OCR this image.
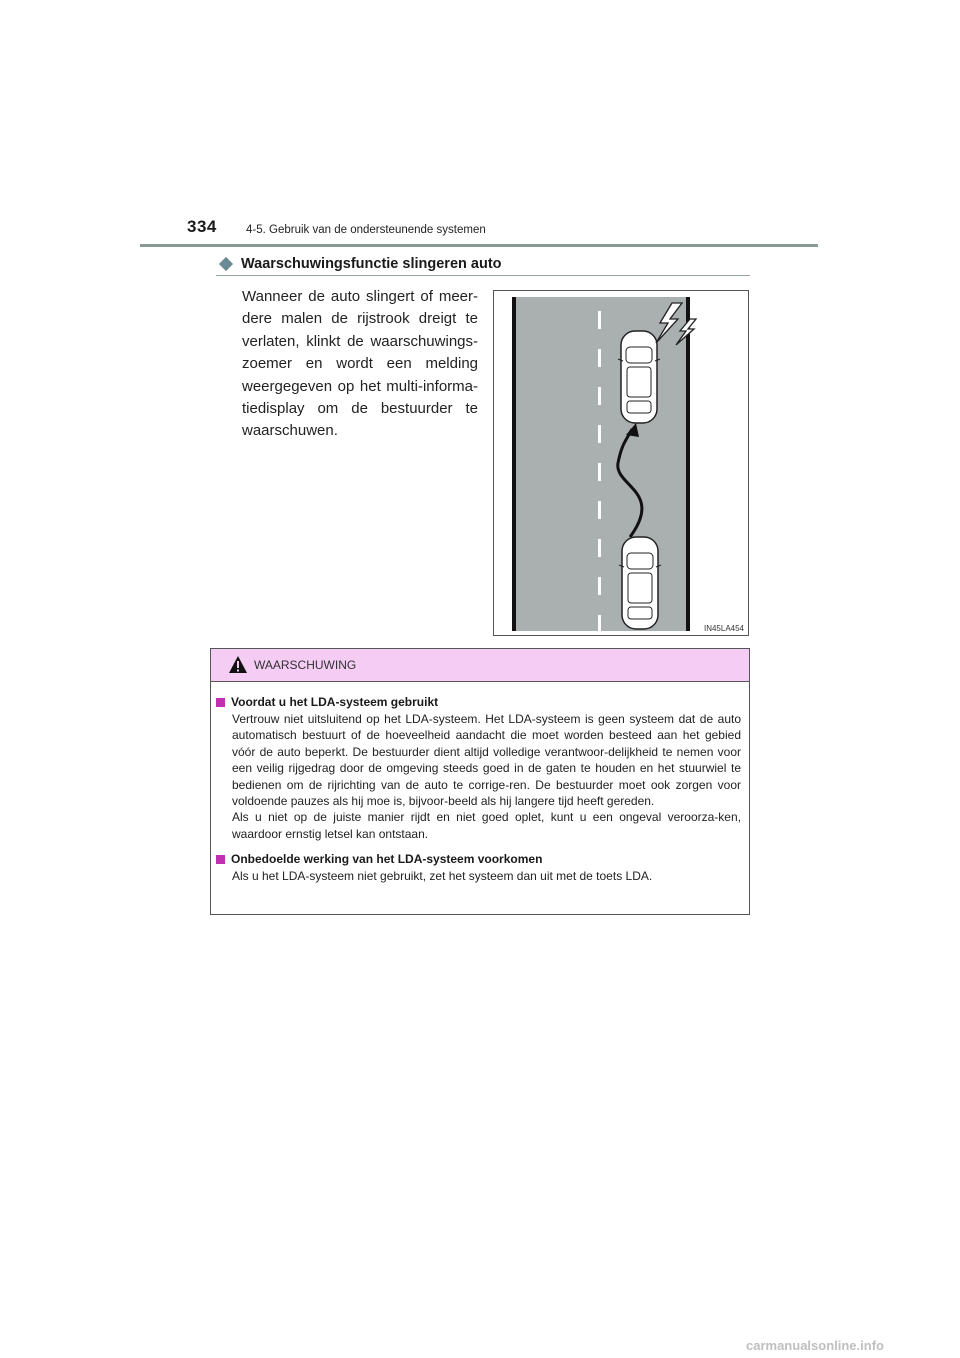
334	4-5. Gebruik van de ondersteunende systemen
Waarschuwingsfunctie slingeren auto
Wanneer de auto slingert of meer-dere malen de rijstrook dreigt te verlaten, klinkt de waarschuwings-zoemer en wordt een melding weergegeven op het multi-informa-tiedisplay om de bestuurder te waarschuwen.
IN45LA454
WAARSCHUWING
Voordat u het LDA-systeem gebruikt
Vertrouw niet uitsluitend op het LDA-systeem. Het LDA-systeem is geen systeem dat de auto automatisch bestuurt of de hoeveelheid aandacht die moet worden besteed aan het gebied vóór de auto beperkt. De bestuurder dient altijd volledige verantwoor-delijkheid te nemen voor een veilig rijgedrag door de omgeving steeds goed in de gaten te houden en het stuurwiel te bedienen om de rijrichting van de auto te corrige-ren. De bestuurder moet ook zorgen voor voldoende pauzes als hij moe is, bijvoor-beeld als hij langere tijd heeft gereden.
Als u niet op de juiste manier rijdt en niet goed oplet, kunt u een ongeval veroorza-ken, waardoor ernstig letsel kan ontstaan.
Onbedoelde werking van het LDA-systeem voorkomen
Als u het LDA-systeem niet gebruikt, zet het systeem dan uit met de toets LDA.
carmanualsonline.info
